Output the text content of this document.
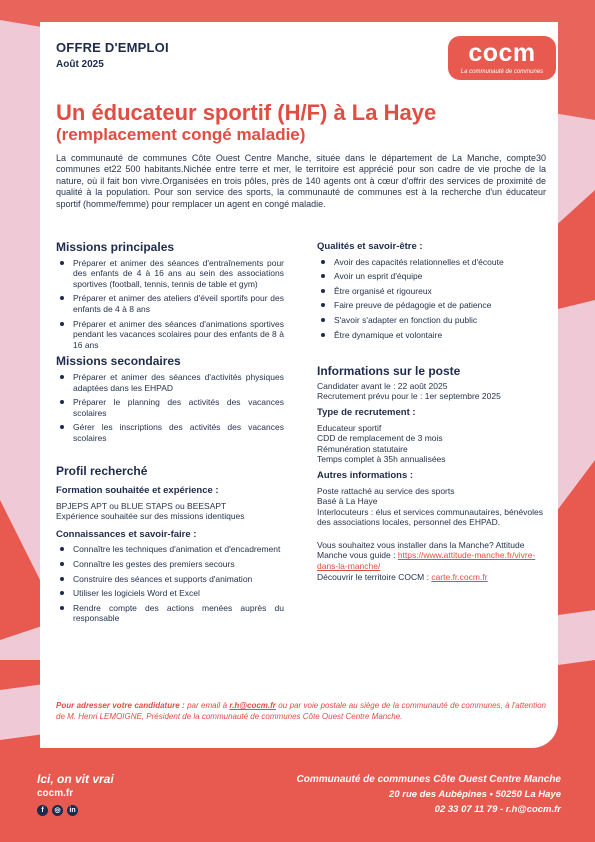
OFFRE D'EMPLOI
Août 2025	cocm
La communauté de communes
Un éducateur sportif (H/F) à La Haye
(remplacement congé maladie)
La communauté de communes Côte Ouest Centre Manche, située dans le département de La Manche, compte30 communes et22 500 habitants.Nichée entre terre et mer, le territoire est apprécié pour son cadre de vie proche de la nature, où il fait bon vivre.Organisées en trois pôles, près de 140 agents ont à cœur d'offrir des services de proximité de qualité à la population. Pour son service des sports, la communauté de communes est à la recherche d'un éducateur sportif (homme/femme) pour remplacer un agent en congé maladie.
Missions principales
Préparer et animer des séances d'entraînements pour des enfants de 4 à 16 ans au sein des associations sportives (football, tennis, tennis de table et gym)
Préparer et animer des ateliers d'éveil sportifs pour des enfants de 4 à 8 ans
Préparer et animer des séances d'animations sportives pendant les vacances scolaires pour des enfants de 8 à 16 ans
Missions secondaires
Préparer et animer des séances d'activités physiques adaptées dans les EHPAD
Préparer le planning des activités des vacances scolaires
Gérer les inscriptions des activités des vacances scolaires
Profil recherché
Formation souhaitée et expérience :
BPJEPS APT ou BLUE STAPS ou BEESAPT
Expérience souhaitée sur des missions identiques
Connaissances et savoir-faire :
Connaître les techniques d'animation et d'encadrement
Connaître les gestes des premiers secours
Construire des séances et supports d'animation
Utiliser les logiciels Word et Excel
Rendre compte des actions menées auprès du responsable
Qualités et savoir-être :
Avoir des capacités relationnelles et d'écoute
Avoir un esprit d'équipe
Être organisé et rigoureux
Faire preuve de pédagogie et de patience
S'avoir s'adapter en fonction du public
Être dynamique et volontaire
Informations sur le poste
Candidater avant le : 22 août 2025
Recrutement prévu pour le : 1er septembre 2025
Type de recrutement :
Educateur sportif
CDD de remplacement de 3 mois
Rémunération statutaire
Temps complet à 35h annualisées
Autres informations :
Poste rattaché au service des sports
Basé à La Haye
Interlocuteurs : élus et services communautaires, bénévoles des associations locales, personnel des EHPAD.
Vous souhaitez vous installer dans la Manche? Attitude Manche vous guide : https://www.attitude-manche.fr/vivre-dans-la-manche/
Découvrir le territoire COCM : carte.fr.cocm.fr
Pour adresser votre candidature : par email à r.h@cocm.fr ou par voie postale au siège de la communauté de communes, à l'attention de M. Henri LEMOIGNE, Président de la communauté de communes Côte Ouest Centre Manche.
Ici, on vit vrai
cocm.fr
f	◎	in
Communauté de communes Côte Ouest Centre Manche
20 rue des Aubépines • 50250 La Haye
02 33 07 11 79 - r.h@cocm.fr
